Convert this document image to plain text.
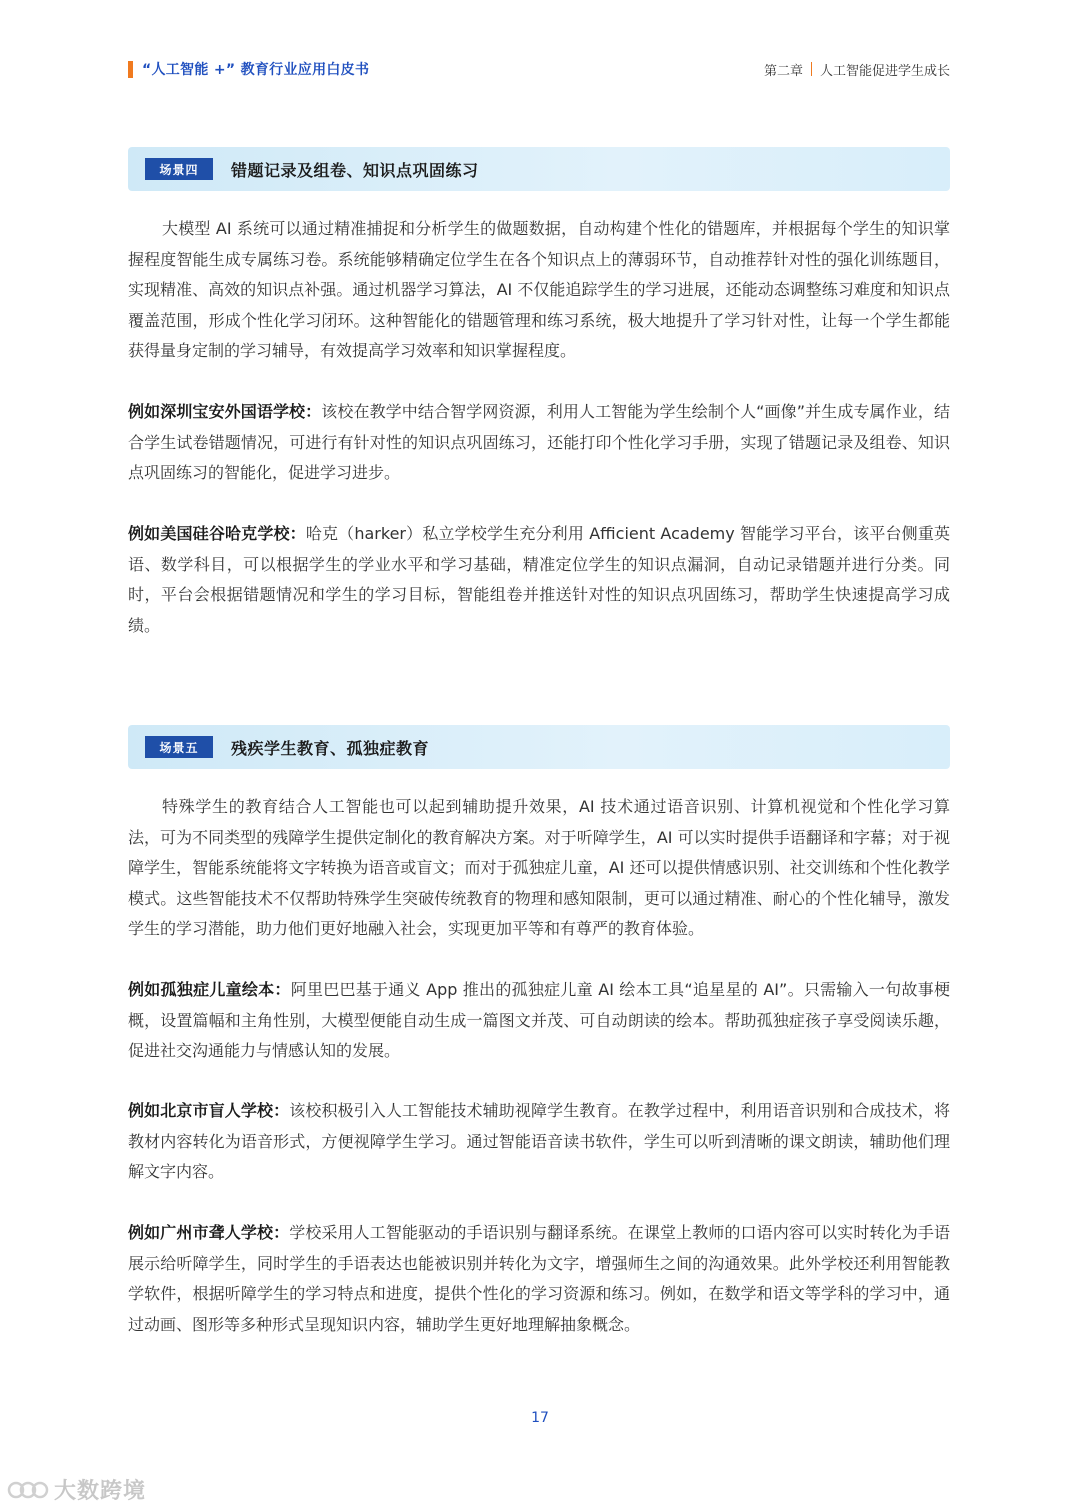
“人工智能 +” 教育行业应用白皮书	第二章 人工智能促进学生成长
场景四	错题记录及组卷、知识点巩固练习

大模型 AI 系统可以通过精准捕捉和分析学生的做题数据，自动构建个性化的错题库，并根据每个学生的知识掌握程度智能生成专属练习卷。系统能够精确定位学生在各个知识点上的薄弱环节，自动推荐针对性的强化训练题目，实现精准、高效的知识点补强。通过机器学习算法，AI 不仅能追踪学生的学习进展，还能动态调整练习难度和知识点覆盖范围，形成个性化学习闭环。这种智能化的错题管理和练习系统，极大地提升了学习针对性，让每一个学生都能获得量身定制的学习辅导，有效提高学习效率和知识掌握程度。

例如深圳宝安外国语学校：该校在教学中结合智学网资源，利用人工智能为学生绘制个人“画像”并生成专属作业，结合学生试卷错题情况，可进行有针对性的知识点巩固练习，还能打印个性化学习手册，实现了错题记录及组卷、知识点巩固练习的智能化，促进学习进步。

例如美国硅谷哈克学校：哈克（harker）私立学校学生充分利用 Afficient Academy 智能学习平台，该平台侧重英语、数学科目，可以根据学生的学业水平和学习基础，精准定位学生的知识点漏洞，自动记录错题并进行分类。同时，平台会根据错题情况和学生的学习目标，智能组卷并推送针对性的知识点巩固练习，帮助学生快速提高学习成绩。

场景五	残疾学生教育、孤独症教育

特殊学生的教育结合人工智能也可以起到辅助提升效果，AI 技术通过语音识别、计算机视觉和个性化学习算法，可为不同类型的残障学生提供定制化的教育解决方案。对于听障学生，AI 可以实时提供手语翻译和字幕；对于视障学生，智能系统能将文字转换为语音或盲文；而对于孤独症儿童，AI 还可以提供情感识别、社交训练和个性化教学模式。这些智能技术不仅帮助特殊学生突破传统教育的物理和感知限制，更可以通过精准、耐心的个性化辅导，激发学生的学习潜能，助力他们更好地融入社会，实现更加平等和有尊严的教育体验。

例如孤独症儿童绘本：阿里巴巴基于通义 App 推出的孤独症儿童 AI 绘本工具“追星星的 AI”。只需输入一句故事梗概，设置篇幅和主角性别，大模型便能自动生成一篇图文并茂、可自动朗读的绘本。帮助孤独症孩子享受阅读乐趣，促进社交沟通能力与情感认知的发展。

例如北京市盲人学校：该校积极引入人工智能技术辅助视障学生教育。在教学过程中，利用语音识别和合成技术，将教材内容转化为语音形式，方便视障学生学习。通过智能语音读书软件，学生可以听到清晰的课文朗读，辅助他们理解文字内容。

例如广州市聋人学校：学校采用人工智能驱动的手语识别与翻译系统。在课堂上教师的口语内容可以实时转化为手语展示给听障学生，同时学生的手语表达也能被识别并转化为文字，增强师生之间的沟通效果。此外学校还利用智能教学软件，根据听障学生的学习特点和进度，提供个性化的学习资源和练习。例如，在数学和语文等学科的学习中，通过动画、图形等多种形式呈现知识内容，辅助学生更好地理解抽象概念。

17
大数跨境
